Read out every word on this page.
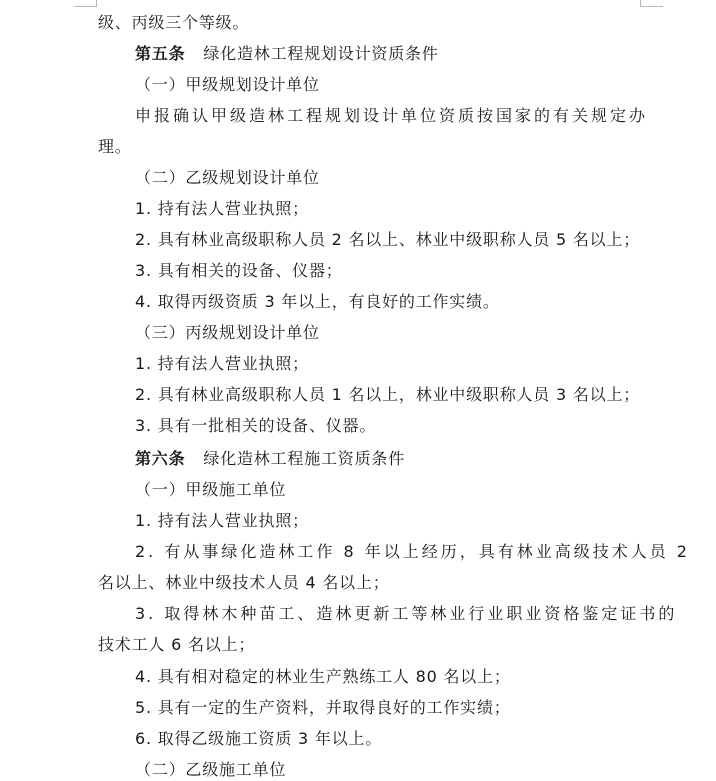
级、丙级三个等级。
第五条 绿化造林工程规划设计资质条件
（一）甲级规划设计单位
申报确认甲级造林工程规划设计单位资质按国家的有关规定办
理。
（二）乙级规划设计单位
1. 持有法人营业执照；
2. 具有林业高级职称人员 2 名以上、林业中级职称人员 5 名以上；
3. 具有相关的设备、仪器；
4. 取得丙级资质 3 年以上，有良好的工作实绩。
（三）丙级规划设计单位
1. 持有法人营业执照；
2. 具有林业高级职称人员 1 名以上，林业中级职称人员 3 名以上；
3. 具有一批相关的设备、仪器。
第六条 绿化造林工程施工资质条件
（一）甲级施工单位
1. 持有法人营业执照；
2. 有从事绿化造林工作 8 年以上经历，具有林业高级技术人员 2
名以上、林业中级技术人员 4 名以上；
3. 取得林木种苗工、造林更新工等林业行业职业资格鉴定证书的
技术工人 6 名以上；
4. 具有相对稳定的林业生产熟练工人 80 名以上；
5. 具有一定的生产资料，并取得良好的工作实绩；
6. 取得乙级施工资质 3 年以上。
（二）乙级施工单位
